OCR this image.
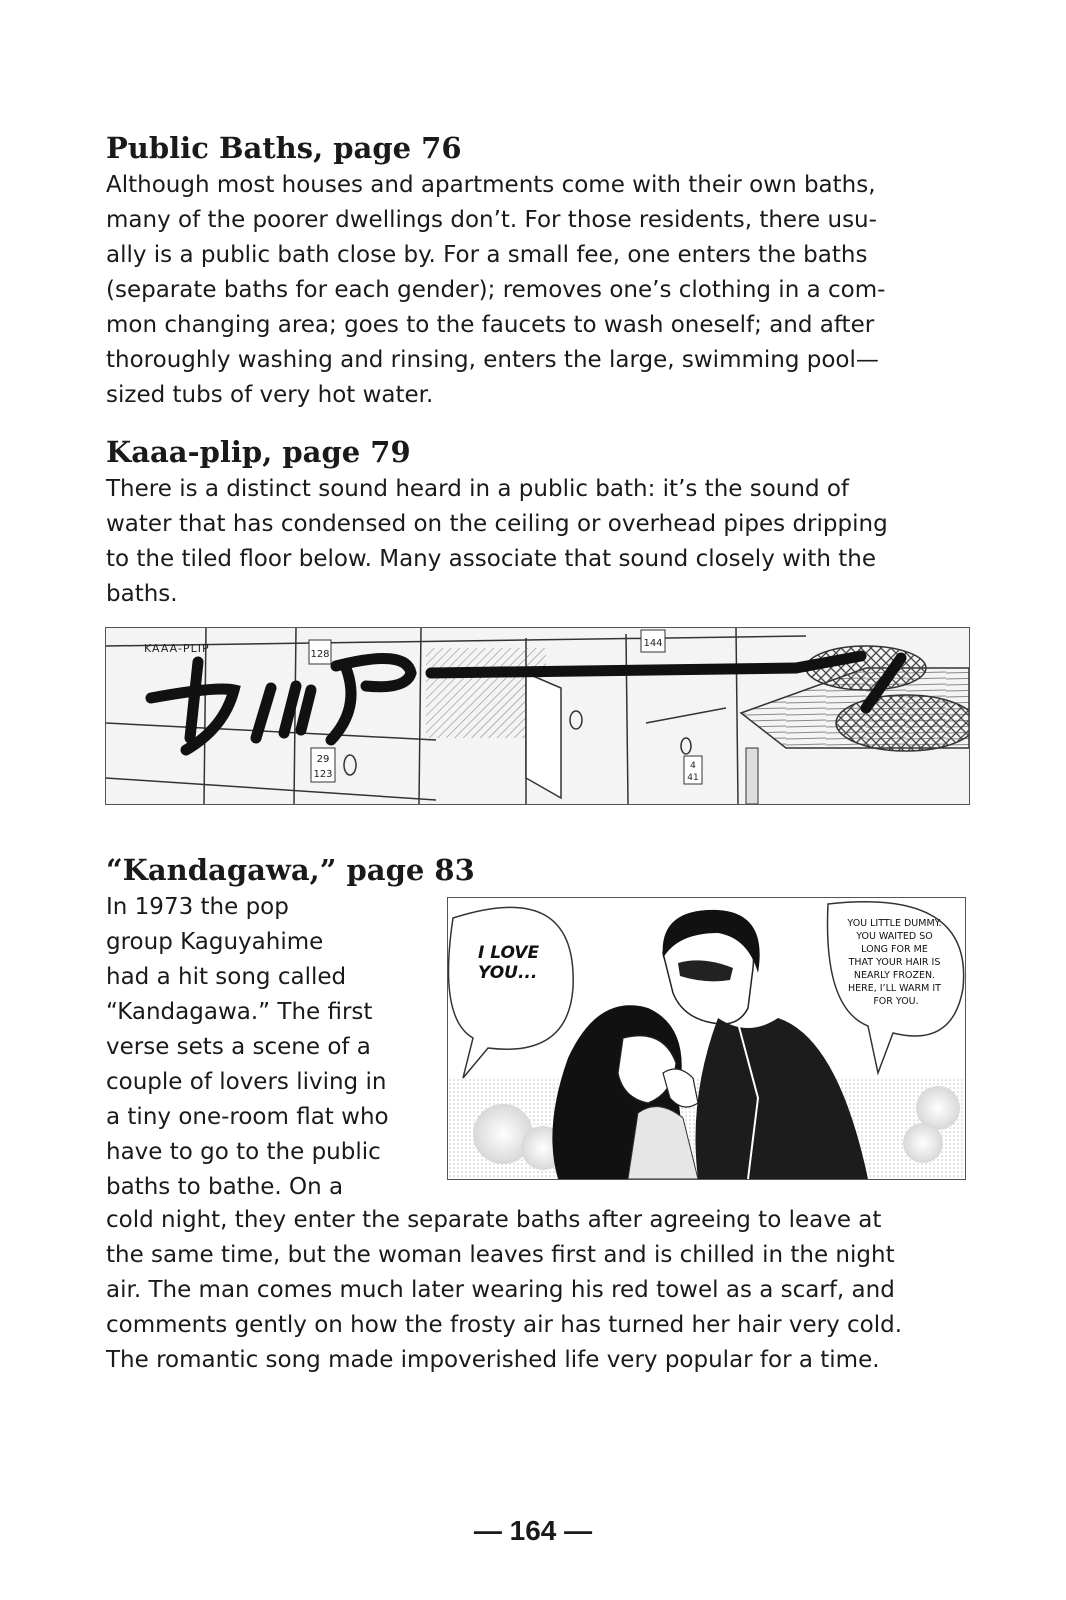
Public Baths, page 76

Although most houses and apartments come with their own baths,
many of the poorer dwellings don’t. For those residents, there usu-
ally is a public bath close by. For a small fee, one enters the baths
(separate baths for each gender); removes one’s clothing in a com-
mon changing area; goes to the faucets to wash oneself; and after
thoroughly washing and rinsing, enters the large, swimming pool—
sized tubs of very hot water.

Kaaa-plip, page 79

There is a distinct sound heard in a public bath: it’s the sound of
water that has condensed on the ceiling or overhead pipes dripping
to the tiled floor below. Many associate that sound closely with the
baths.

128
144
29
123
4
41
KAAA-PLIP
“Kandagawa,” page 83

In 1973 the pop
group Kaguyahime
had a hit song called
“Kandagawa.” The first
verse sets a scene of a
couple of lovers living in
a tiny one-room flat who
have to go to the public
baths to bathe. On a

I LOVE YOU...
YOU LITTLE DUMMY. YOU WAITED SO LONG FOR ME THAT YOUR HAIR IS NEARLY FROZEN. HERE, I’LL WARM IT FOR YOU.

cold night, they enter the separate baths after agreeing to leave at
the same time, but the woman leaves first and is chilled in the night
air. The man comes much later wearing his red towel as a scarf, and
comments gently on how the frosty air has turned her hair very cold.
The romantic song made impoverished life very popular for a time.

— 164 —
